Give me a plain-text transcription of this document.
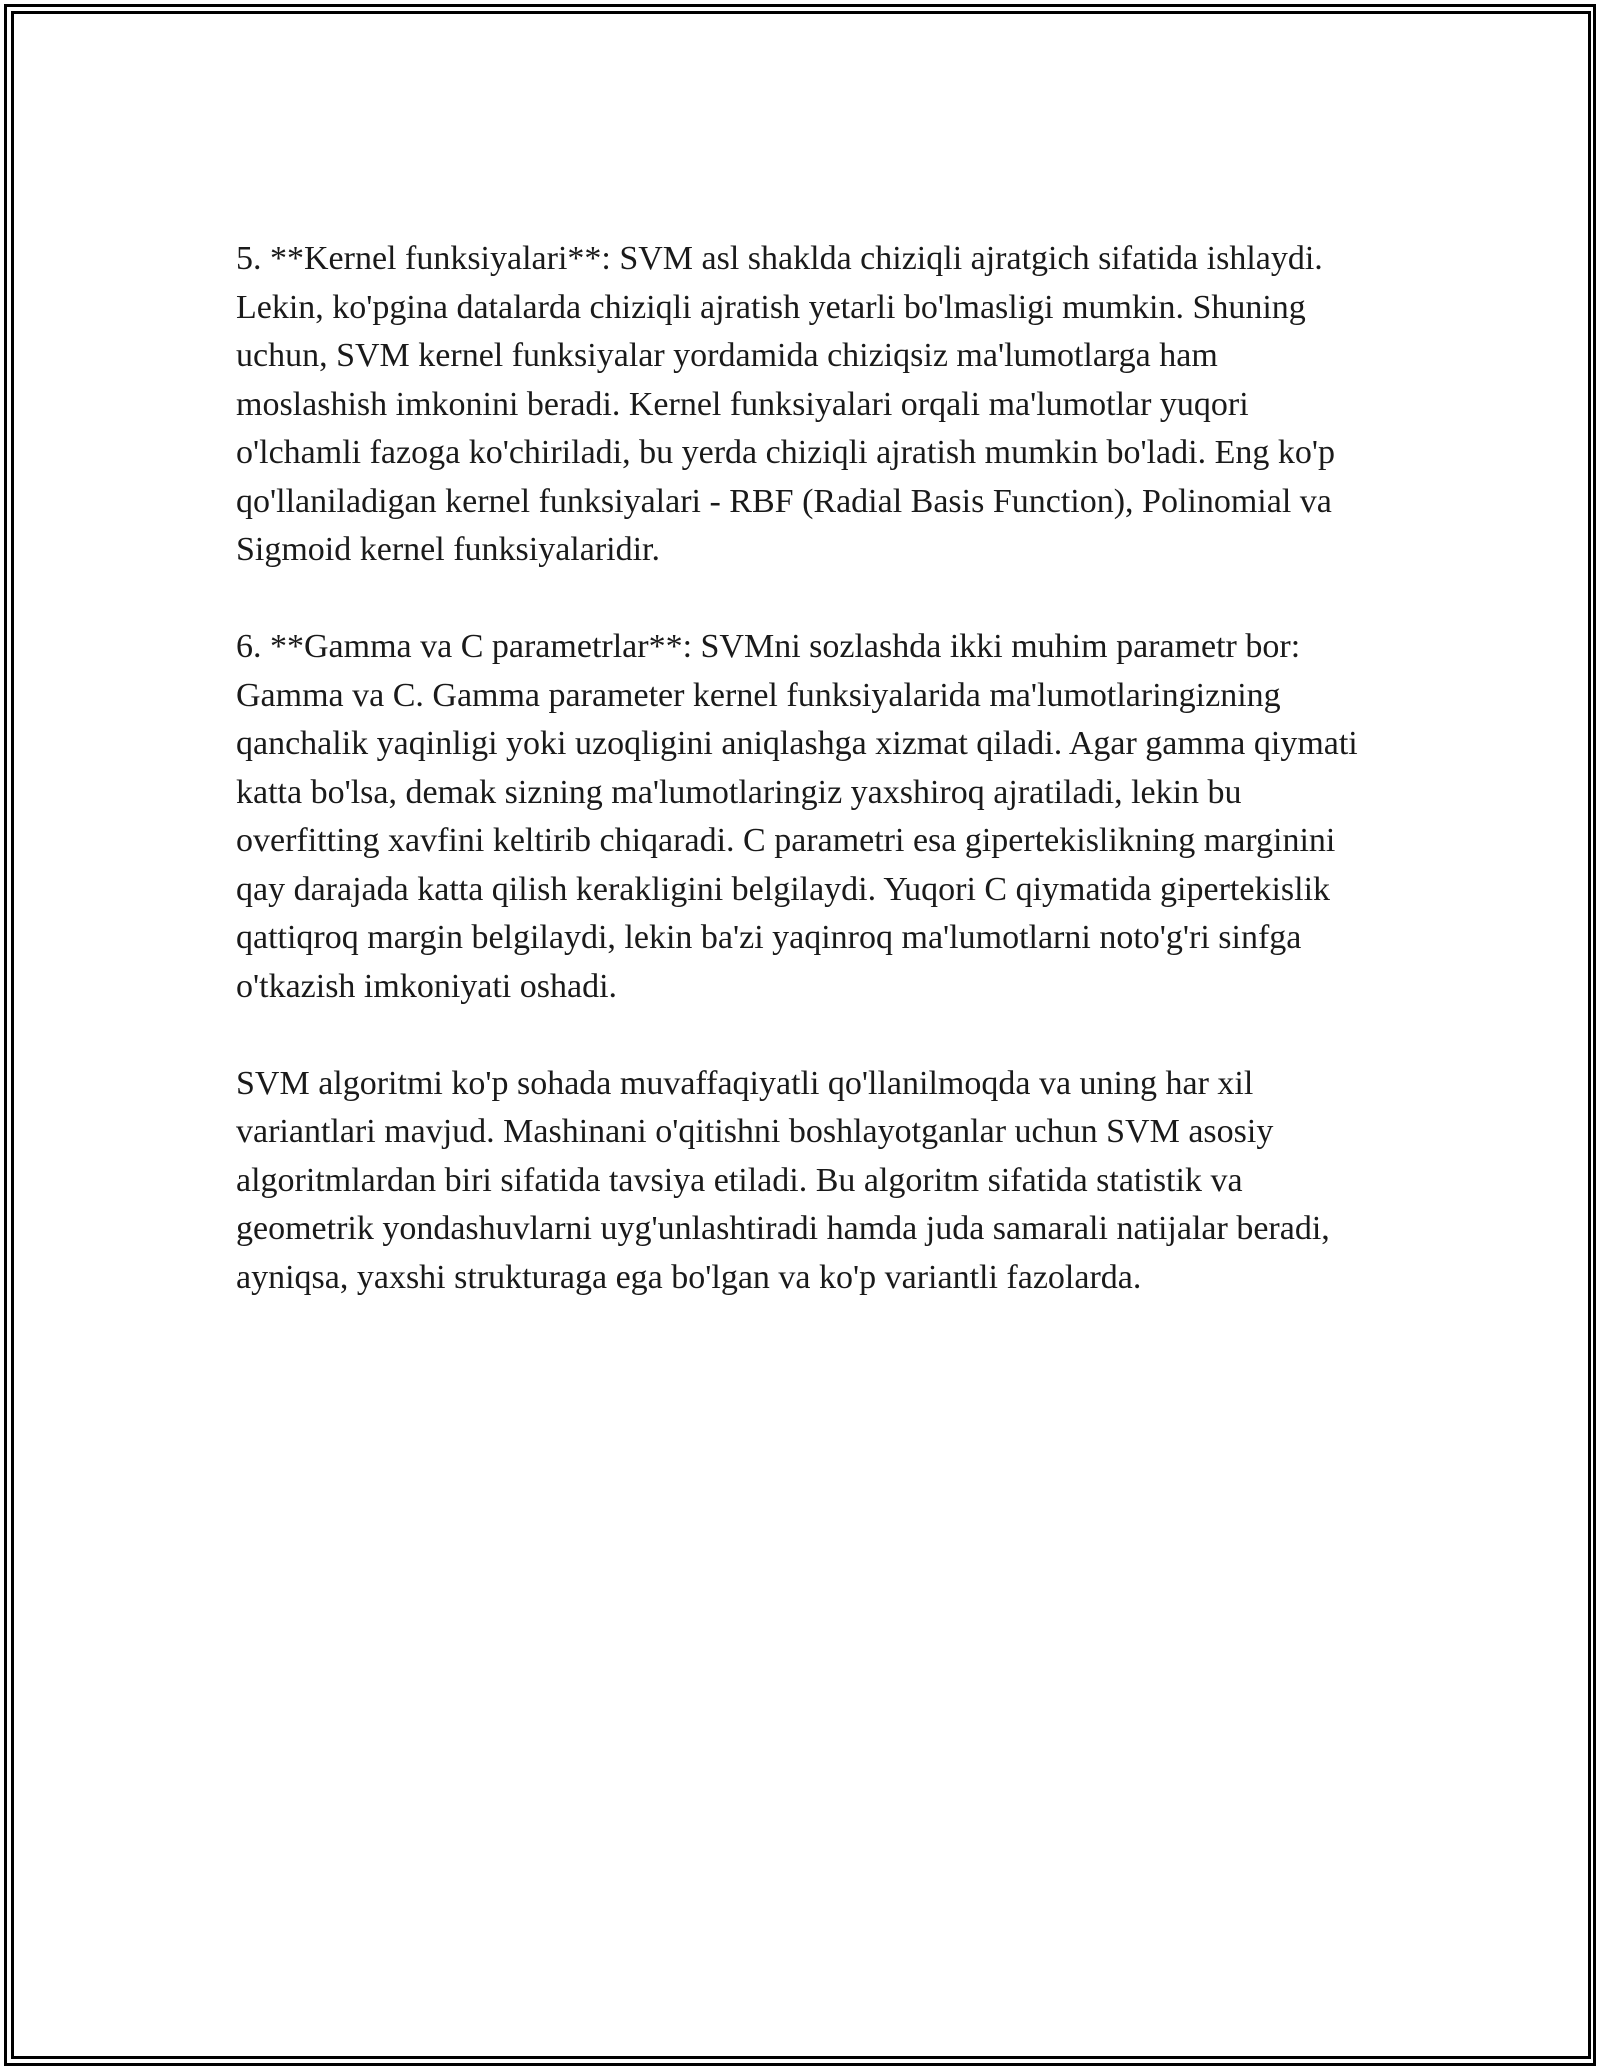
5. **Kernel funksiyalari**: SVM asl shaklda chiziqli ajratgich sifatida ishlaydi. Lekin, ko'pgina datalarda chiziqli ajratish yetarli bo'lmasligi mumkin. Shuning uchun, SVM kernel funksiyalar yordamida chiziqsiz ma'lumotlarga ham moslashish imkonini beradi. Kernel funksiyalari orqali ma'lumotlar yuqori o'lchamli fazoga ko'chiriladi, bu yerda chiziqli ajratish mumkin bo'ladi. Eng ko'p qo'llaniladigan kernel funksiyalari - RBF (Radial Basis Function), Polinomial va Sigmoid kernel funksiyalaridir.

6. **Gamma va C parametrlar**: SVMni sozlashda ikki muhim parametr bor: Gamma va C. Gamma parameter kernel funksiyalarida ma'lumotlaringizning qanchalik yaqinligi yoki uzoqligini aniqlashga xizmat qiladi. Agar gamma qiymati katta bo'lsa, demak sizning ma'lumotlaringiz yaxshiroq ajratiladi, lekin bu overfitting xavfini keltirib chiqaradi. C parametri esa gipertekislikning marginini qay darajada katta qilish kerakligini belgilaydi. Yuqori C qiymatida gipertekislik qattiqroq margin belgilaydi, lekin ba'zi yaqinroq ma'lumotlarni noto'g'ri sinfga o'tkazish imkoniyati oshadi.

SVM algoritmi ko'p sohada muvaffaqiyatli qo'llanilmoqda va uning har xil variantlari mavjud. Mashinani o'qitishni boshlayotganlar uchun SVM asosiy algoritmlardan biri sifatida tavsiya etiladi. Bu algoritm sifatida statistik va geometrik yondashuvlarni uyg'unlashtiradi hamda juda samarali natijalar beradi, ayniqsa, yaxshi strukturaga ega bo'lgan va ko'p variantli fazolarda.
